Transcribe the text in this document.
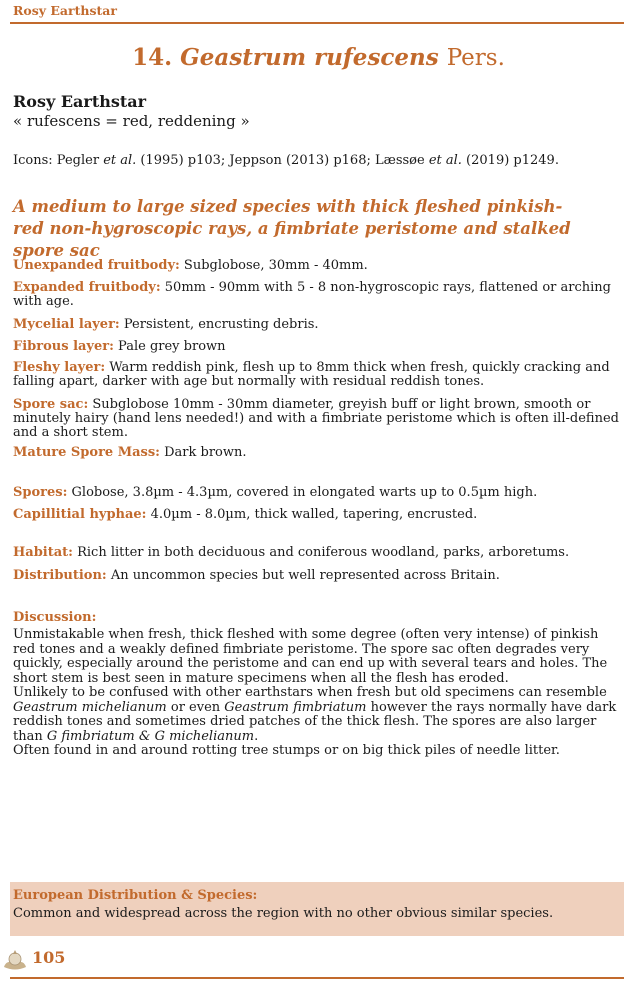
Rosy Earthstar
14. Geastrum rufescens Pers.
Rosy Earthstar
« rufescens = red, reddening »
Icons: Pegler et al. (1995) p103; Jeppson (2013) p168; Læssøe et al. (2019) p1249.
A medium to large sized species with thick fleshed pinkish-red non-hygroscopic rays, a fimbriate peristome and stalked spore sac
Unexpanded fruitbody: Subglobose, 30mm - 40mm.
Expanded fruitbody: 50mm - 90mm with 5 - 8 non-hygroscopic rays, flattened or arching with age.
Mycelial layer: Persistent, encrusting debris.
Fibrous layer: Pale grey brown
Fleshy layer: Warm reddish pink, flesh up to 8mm thick when fresh, quickly cracking and falling apart, darker with age but normally with residual reddish tones.
Spore sac: Subglobose 10mm - 30mm diameter, greyish buff or light brown, smooth or minutely hairy (hand lens needed!) and with a fimbriate peristome which is often ill-defined and a short stem.
Mature Spore Mass: Dark brown.
Spores: Globose, 3.8µm - 4.3µm, covered in elongated warts up to 0.5µm high.
Capillitial hyphae: 4.0µm - 8.0µm, thick walled, tapering, encrusted.
Habitat: Rich litter in both deciduous and coniferous woodland, parks, arboretums.
Distribution: An uncommon species but well represented across Britain.
Discussion:

Unmistakable when fresh, thick fleshed with some degree (often very intense) of pinkish red tones and a weakly defined fimbriate peristome. The spore sac often degrades very quickly, especially around the peristome and can end up with several tears and holes. The short stem is best seen in mature specimens when all the flesh has eroded.

Unlikely to be confused with other earthstars when fresh but old specimens can resemble Geastrum michelianum or even Geastrum fimbriatum however the rays normally have dark reddish tones and sometimes dried patches of the thick flesh. The spores are also larger than G fimbriatum & G michelianum.

Often found in and around rotting tree stumps or on big thick piles of needle litter.

European Distribution & Species:
Common and widespread across the region with no other obvious similar species.
105
